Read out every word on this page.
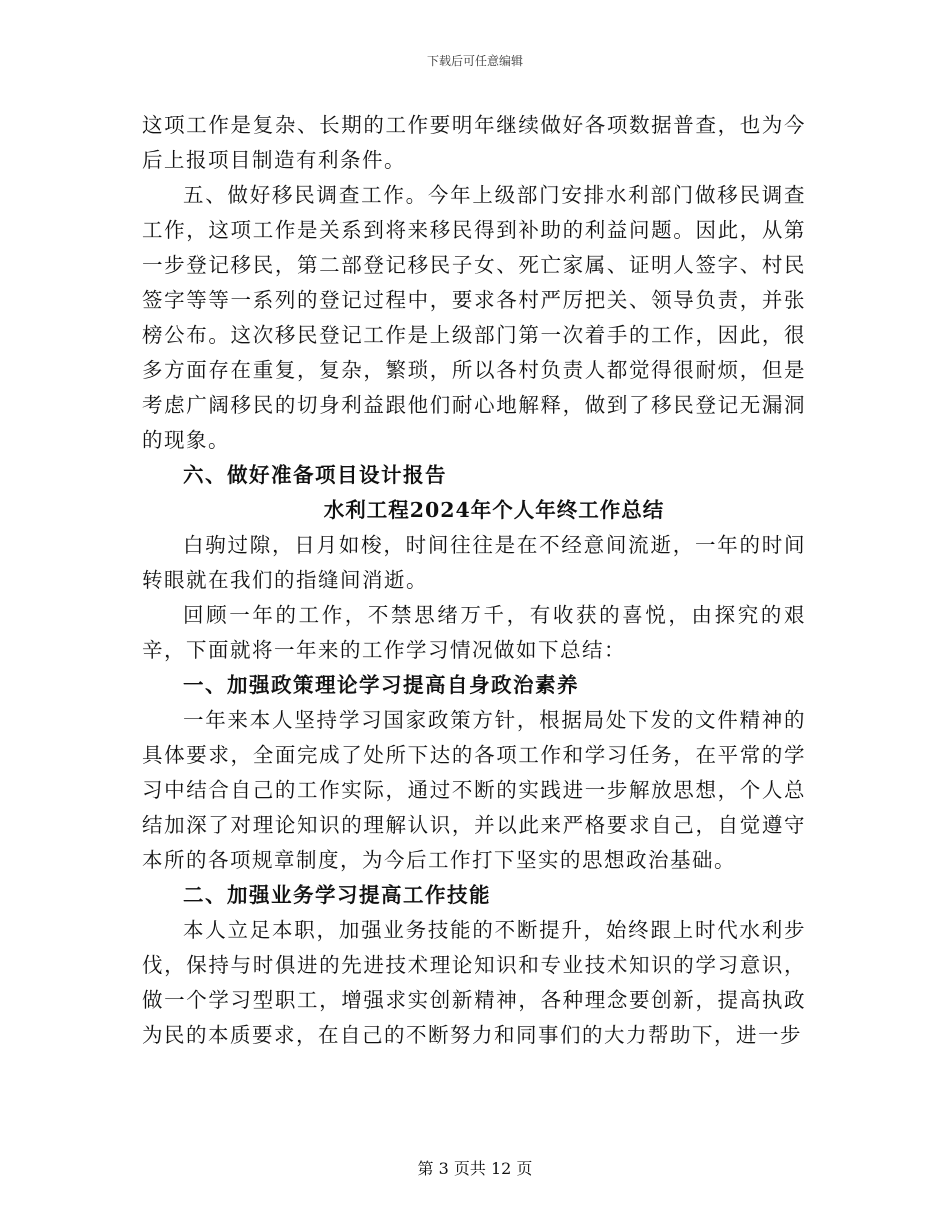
下载后可任意编辑

这项工作是复杂、长期的工作要明年继续做好各项数据普查，也为今后上报项目制造有利条件。

五、做好移民调查工作。今年上级部门安排水利部门做移民调查工作，这项工作是关系到将来移民得到补助的利益问题。因此，从第一步登记移民，第二部登记移民子女、死亡家属、证明人签字、村民签字等等一系列的登记过程中，要求各村严厉把关、领导负责，并张榜公布。这次移民登记工作是上级部门第一次着手的工作，因此，很多方面存在重复，复杂，繁琐，所以各村负责人都觉得很耐烦，但是考虑广阔移民的切身利益跟他们耐心地解释，做到了移民登记无漏洞的现象。

六、做好准备项目设计报告

水利工程2024年个人年终工作总结

白驹过隙，日月如梭，时间往往是在不经意间流逝，一年的时间转眼就在我们的指缝间消逝。

回顾一年的工作，不禁思绪万千，有收获的喜悦，由探究的艰辛，下面就将一年来的工作学习情况做如下总结：

一、加强政策理论学习提高自身政治素养

一年来本人坚持学习国家政策方针，根据局处下发的文件精神的具体要求，全面完成了处所下达的各项工作和学习任务，在平常的学习中结合自己的工作实际，通过不断的实践进一步解放思想，个人总结加深了对理论知识的理解认识，并以此来严格要求自己，自觉遵守本所的各项规章制度，为今后工作打下坚实的思想政治基础。

二、加强业务学习提高工作技能

本人立足本职，加强业务技能的不断提升，始终跟上时代水利步伐，保持与时俱进的先进技术理论知识和专业技术知识的学习意识，做一个学习型职工，增强求实创新精神，各种理念要创新，提高执政为民的本质要求，在自己的不断努力和同事们的大力帮助下，进一步

第 3 页共 12 页
